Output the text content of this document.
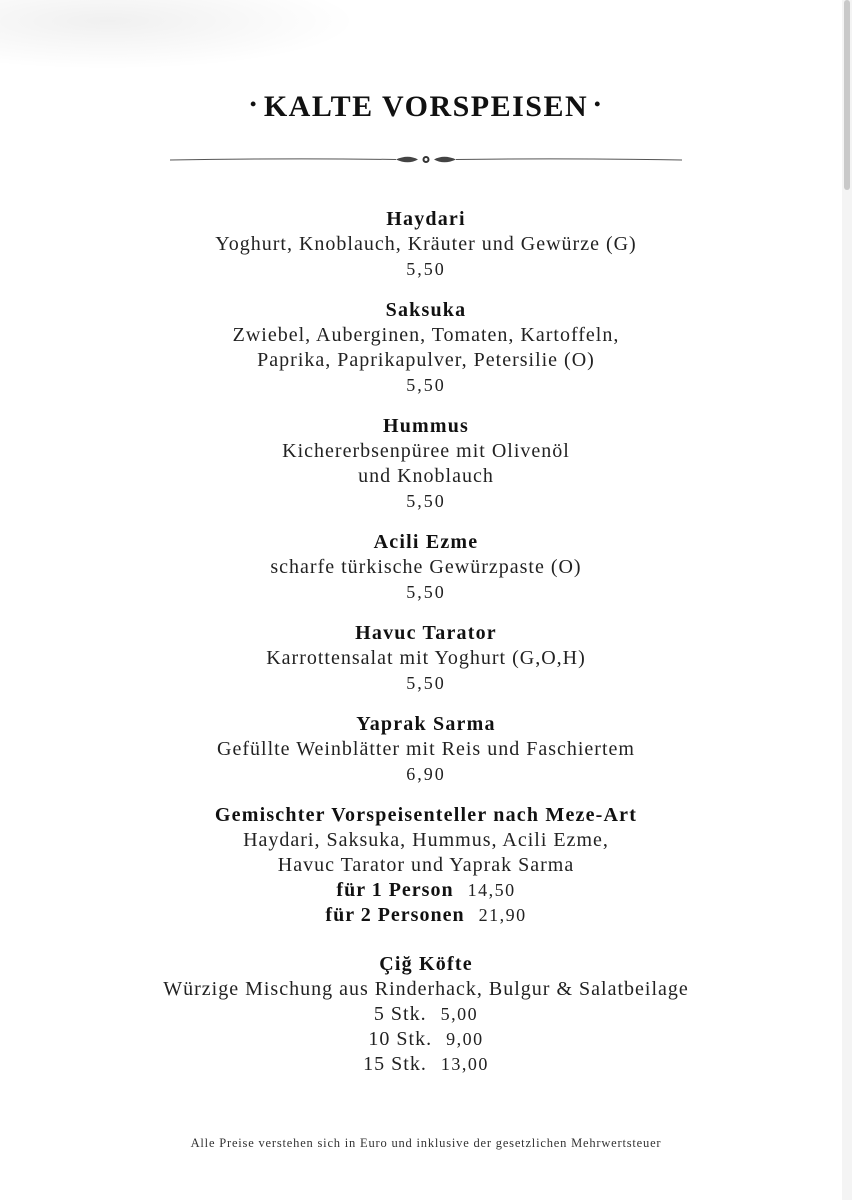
• KALTE VORSPEISEN •
Haydari
Yoghurt, Knoblauch, Kräuter und Gewürze (G)
5,50
Saksuka
Zwiebel, Auberginen, Tomaten, Kartoffeln,
Paprika, Paprikapulver, Petersilie (O)
5,50
Hummus
Kichererbsenpüree mit Olivenöl
und Knoblauch
5,50
Acili Ezme
scharfe türkische Gewürzpaste (O)
5,50
Havuc Tarator
Karrottensalat mit Yoghurt (G,O,H)
5,50
Yaprak Sarma
Gefüllte Weinblätter mit Reis und Faschiertem
6,90
Gemischter Vorspeisenteller nach Meze-Art
Haydari, Saksuka, Hummus, Acili Ezme,
Havuc Tarator und Yaprak Sarma
für 1 Person 14,50
für 2 Personen 21,90
Çiğ Köfte
Würzige Mischung aus Rinderhack, Bulgur & Salatbeilage
5 Stk. 5,00
10 Stk. 9,00
15 Stk. 13,00
Alle Preise verstehen sich in Euro und inklusive der gesetzlichen Mehrwertsteuer
